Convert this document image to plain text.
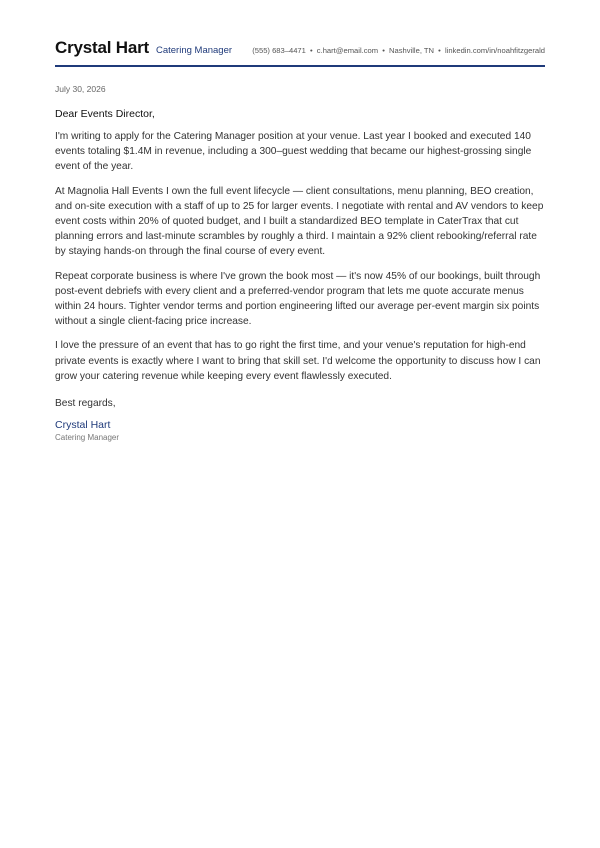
Crystal Hart Catering Manager	(555) 683–4471 • c.hart@email.com • Nashville, TN • linkedin.com/in/noahfitzgerald
July 30, 2026
Dear Events Director,

I'm writing to apply for the Catering Manager position at your venue. Last year I booked and executed 140 events totaling $1.4M in revenue, including a 300–guest wedding that became our highest-grossing single event of the year.

At Magnolia Hall Events I own the full event lifecycle — client consultations, menu planning, BEO creation, and on-site execution with a staff of up to 25 for larger events. I negotiate with rental and AV vendors to keep event costs within 20% of quoted budget, and I built a standardized BEO template in CaterTrax that cut planning errors and last-minute scrambles by roughly a third. I maintain a 92% client rebooking/referral rate by staying hands-on through the final course of every event.

Repeat corporate business is where I've grown the book most — it's now 45% of our bookings, built through post-event debriefs with every client and a preferred-vendor program that lets me quote accurate menus within 24 hours. Tighter vendor terms and portion engineering lifted our average per-event margin six points without a single client-facing price increase.

I love the pressure of an event that has to go right the first time, and your venue's reputation for high-end private events is exactly where I want to bring that skill set. I'd welcome the opportunity to discuss how I can grow your catering revenue while keeping every event flawlessly executed.

Best regards,
Crystal Hart
Catering Manager
